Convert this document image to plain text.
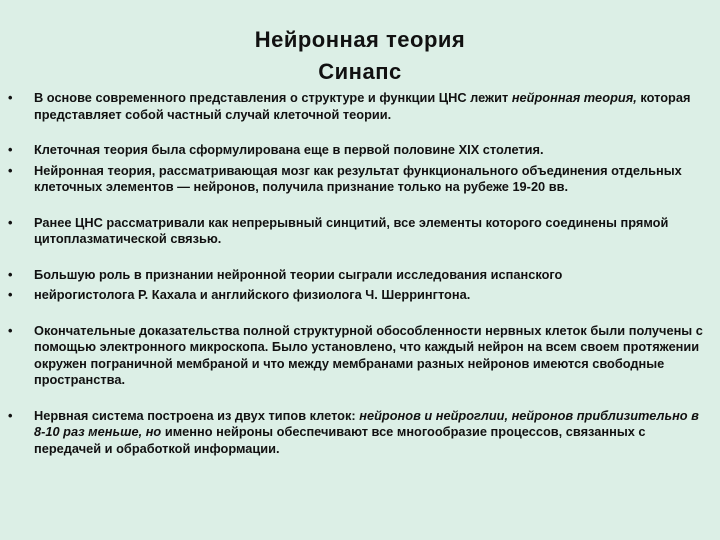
Нейронная теория
Синапс
• В основе современного представления о структуре и функции ЦНС лежит нейронная теория, которая представляет собой частный случай клеточной теории.
• Клеточная теория была сформулирована еще в первой половине XIX столетия.
• Нейронная теория, рассматривающая мозг как результат функционального объединения отдельных клеточных элементов — нейронов, получила признание только на рубеже 19-20 вв.
• Ранее ЦНС рассматривали как непрерывный синцитий, все элементы которого соединены прямой цитоплазматической связью.
• Большую роль в признании нейронной теории сыграли исследования испанского
• нейрогистолога Р. Кахала и английского физиолога Ч. Шеррингтона.
• Окончательные доказательства полной структурной обособленности нервных клеток были получены с помощью электронного микроскопа. Было установлено, что каждый нейрон на всем своем протяжении окружен пограничной мембраной и что между мембранами разных нейронов имеются свободные пространства.
• Нервная система построена из двух типов клеток: нейронов и нейроглии, нейронов приблизительно в 8-10 раз меньше, но именно нейроны обеспечивают все многообразие процессов, связанных с передачей и обработкой информации.
